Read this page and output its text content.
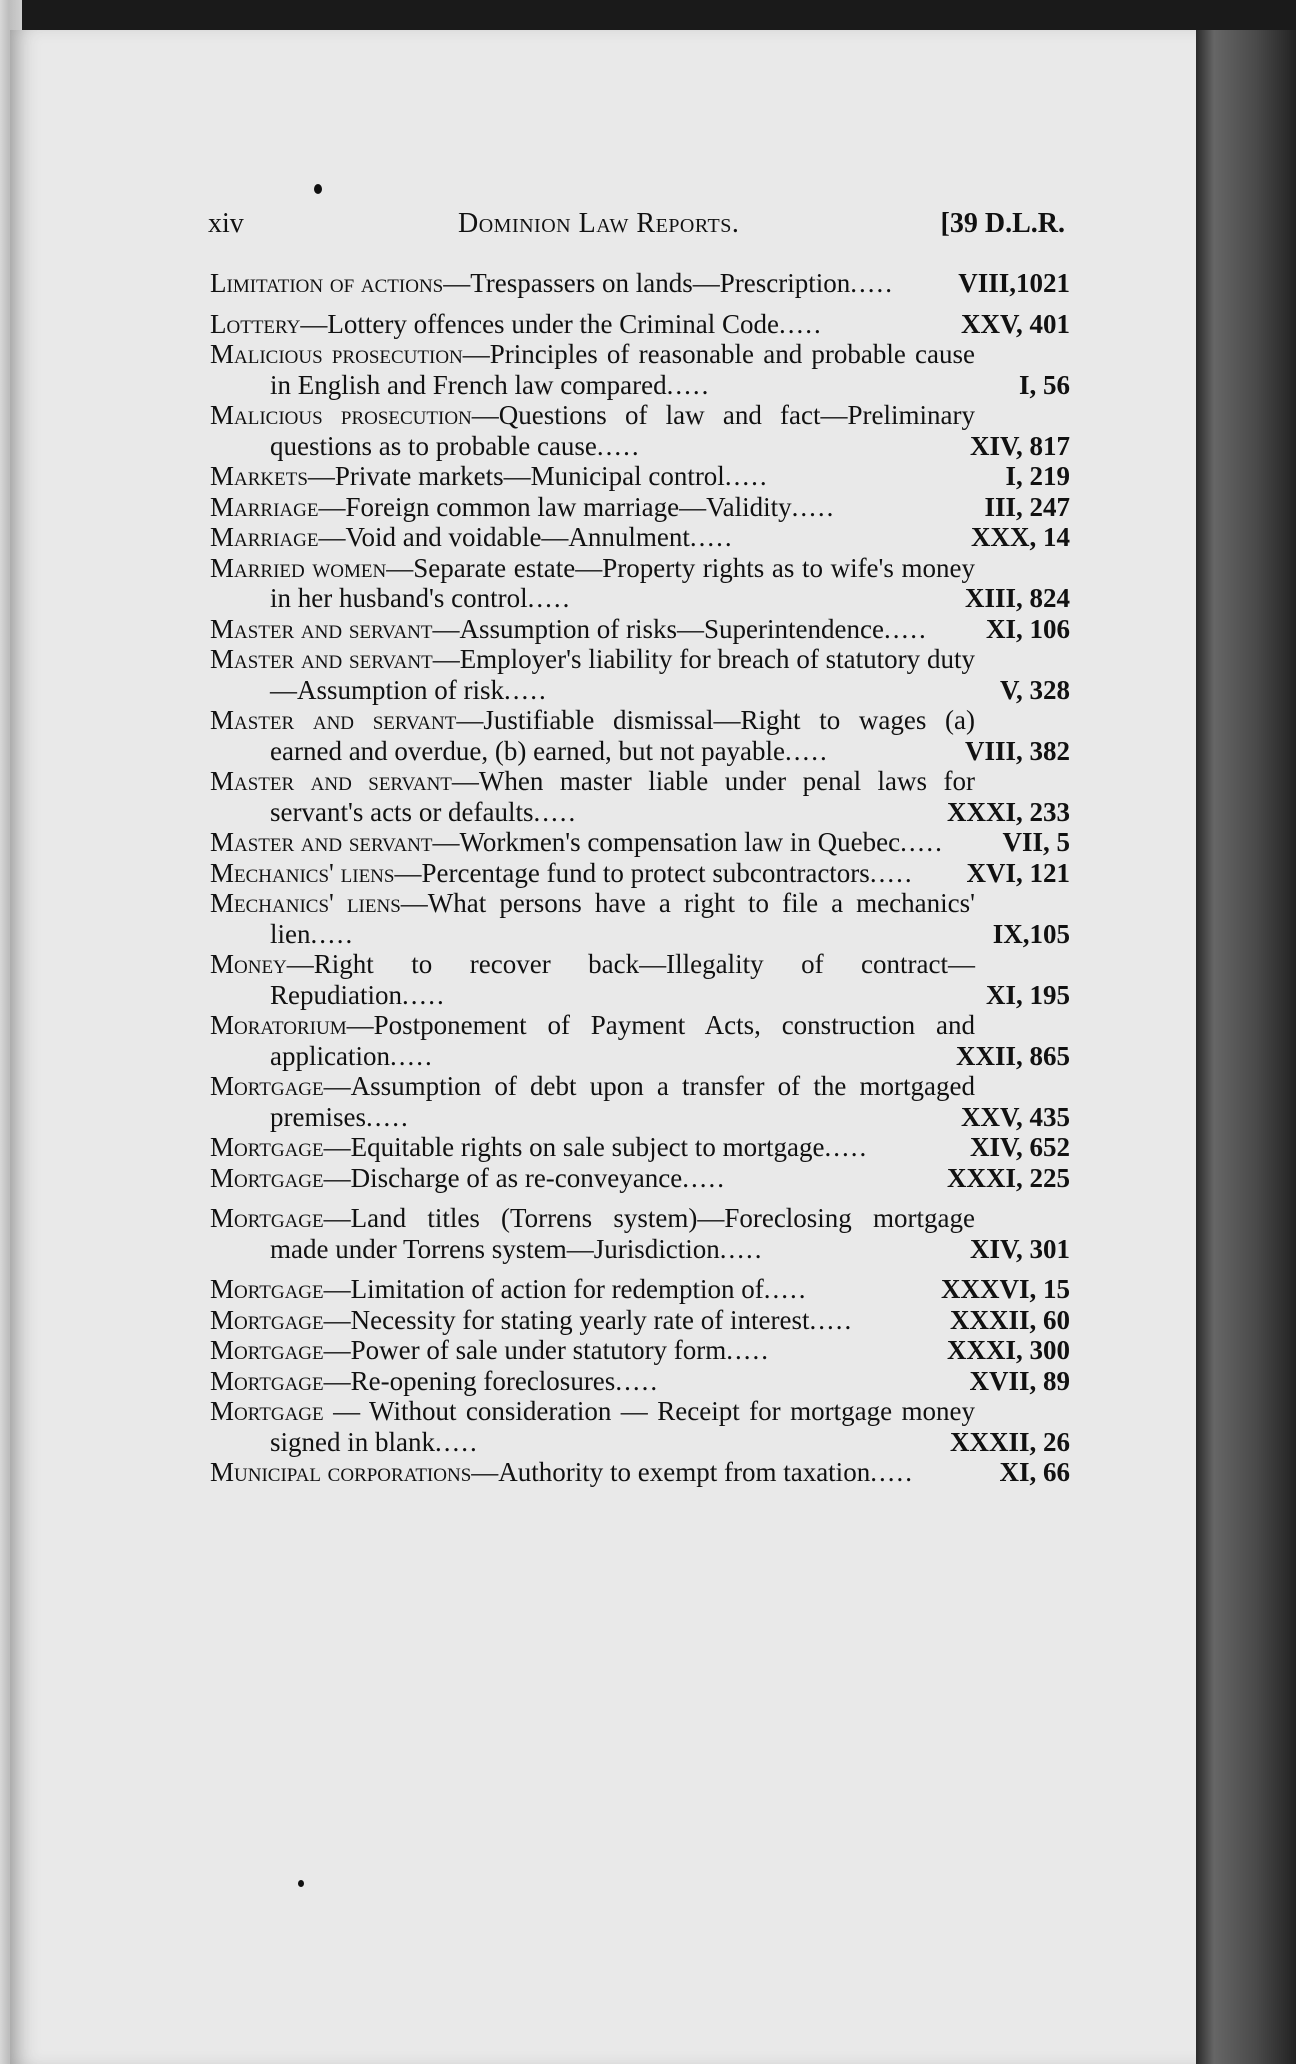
xiv	Dominion Law Reports.	[39 D.L.R.
Limitation of actions—Trespassers on lands—Prescription.....	VIII,1021
Lottery—Lottery offences under the Criminal Code.....	XXV, 401
Malicious prosecution—Principles of reasonable and probable cause in English and French law compared.....	I, 56
Malicious prosecution—Questions of law and fact—Preliminary questions as to probable cause.....	XIV, 817
Markets—Private markets—Municipal control.....	I, 219
Marriage—Foreign common law marriage—Validity.....	III, 247
Marriage—Void and voidable—Annulment.....	XXX, 14
Married women—Separate estate—Property rights as to wife's money in her husband's control.....	XIII, 824
Master and servant—Assumption of risks—Superintendence.....	XI, 106
Master and servant—Employer's liability for breach of statutory duty—Assumption of risk.....	V, 328
Master and servant—Justifiable dismissal—Right to wages (a) earned and overdue, (b) earned, but not payable.....	VIII, 382
Master and servant—When master liable under penal laws for servant's acts or defaults.....	XXXI, 233
Master and servant—Workmen's compensation law in Quebec.....	VII, 5
Mechanics' liens—Percentage fund to protect subcontractors.....	XVI, 121
Mechanics' liens—What persons have a right to file a mechanics' lien.....	IX,105
Money—Right to recover back—Illegality of contract—Repudiation.....	XI, 195
Moratorium—Postponement of Payment Acts, construction and application.....	XXII, 865
Mortgage—Assumption of debt upon a transfer of the mortgaged premises.....	XXV, 435
Mortgage—Equitable rights on sale subject to mortgage.....	XIV, 652
Mortgage—Discharge of as re-conveyance.....	XXXI, 225
Mortgage—Land titles (Torrens system)—Foreclosing mortgage made under Torrens system—Jurisdiction.....	XIV, 301
Mortgage—Limitation of action for redemption of.....	XXXVI, 15
Mortgage—Necessity for stating yearly rate of interest.....	XXXII, 60
Mortgage—Power of sale under statutory form.....	XXXI, 300
Mortgage—Re-opening foreclosures.....	XVII, 89
Mortgage — Without consideration — Receipt for mortgage money signed in blank.....	XXXII, 26
Municipal corporations—Authority to exempt from taxation.....	XI, 66
